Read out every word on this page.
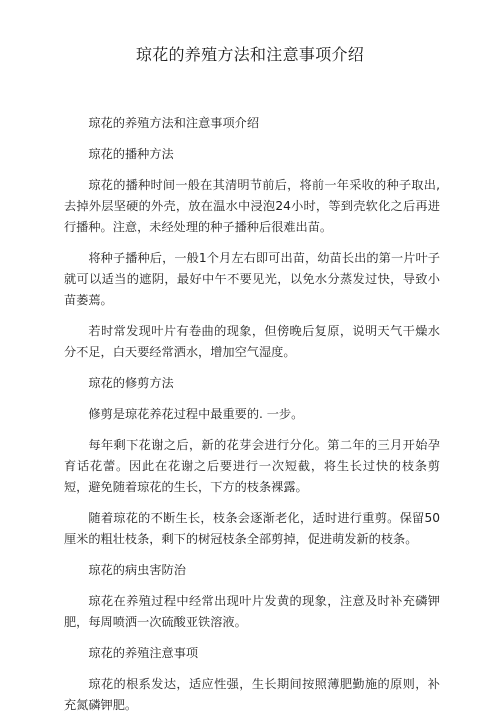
琼花的养殖方法和注意事项介绍

琼花的养殖方法和注意事项介绍

琼花的播种方法

琼花的播种时间一般在其清明节前后，将前一年采收的种子取出,去掉外层坚硬的外壳，放在温水中浸泡24小时，等到壳软化之后再进行播种。注意，未经处理的种子播种后很难出苗。

将种子播种后，一般1个月左右即可出苗，幼苗长出的第一片叶子就可以适当的遮阴，最好中午不要见光，以免水分蒸发过快，导致小苗萎蔫。

若时常发现叶片有卷曲的现象，但傍晚后复原，说明天气干燥水分不足，白天要经常洒水，增加空气湿度。

琼花的修剪方法

修剪是琼花养花过程中最重要的. 一步。

每年剩下花谢之后，新的花芽会进行分化。第二年的三月开始孕育话花蕾。因此在花谢之后要进行一次短截，将生长过快的枝条剪短，避免随着琼花的生长，下方的枝条裸露。

随着琼花的不断生长，枝条会逐渐老化，适时进行重剪。保留50厘米的粗壮枝条，剩下的树冠枝条全部剪掉，促进萌发新的枝条。

琼花的病虫害防治

琼花在养殖过程中经常出现叶片发黄的现象，注意及时补充磷钾肥，每周喷洒一次硫酸亚铁溶液。

琼花的养殖注意事项

琼花的根系发达，适应性强，生长期间按照薄肥勤施的原则，补充氮磷钾肥。
